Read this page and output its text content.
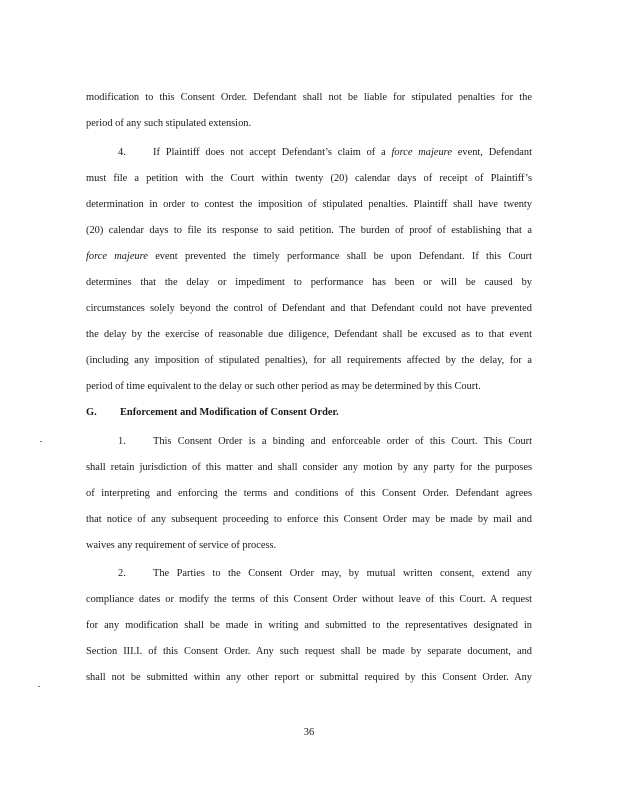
modification to this Consent Order. Defendant shall not be liable for stipulated penalties for the
period of any such stipulated extension.
4.	If Plaintiff does not accept Defendant’s claim of a force majeure event, Defendant
must file a petition with the Court within twenty (20) calendar days of receipt of Plaintiff’s
determination in order to contest the imposition of stipulated penalties. Plaintiff shall have twenty
(20) calendar days to file its response to said petition. The burden of proof of establishing that a
force majeure event prevented the timely performance shall be upon Defendant. If this Court
determines that the delay or impediment to performance has been or will be caused by
circumstances solely beyond the control of Defendant and that Defendant could not have prevented
the delay by the exercise of reasonable due diligence, Defendant shall be excused as to that event
(including any imposition of stipulated penalties), for all requirements affected by the delay, for a
period of time equivalent to the delay or such other period as may be determined by this Court.
G. Enforcement and Modification of Consent Order.
1.	This Consent Order is a binding and enforceable order of this Court. This Court
shall retain jurisdiction of this matter and shall consider any motion by any party for the purposes
of interpreting and enforcing the terms and conditions of this Consent Order. Defendant agrees
that notice of any subsequent proceeding to enforce this Consent Order may be made by mail and
waives any requirement of service of process.
2.	The Parties to the Consent Order may, by mutual written consent, extend any
compliance dates or modify the terms of this Consent Order without leave of this Court. A request
for any modification shall be made in writing and submitted to the representatives designated in
Section III.I. of this Consent Order. Any such request shall be made by separate document, and
shall not be submitted within any other report or submittal required by this Consent Order. Any
36
